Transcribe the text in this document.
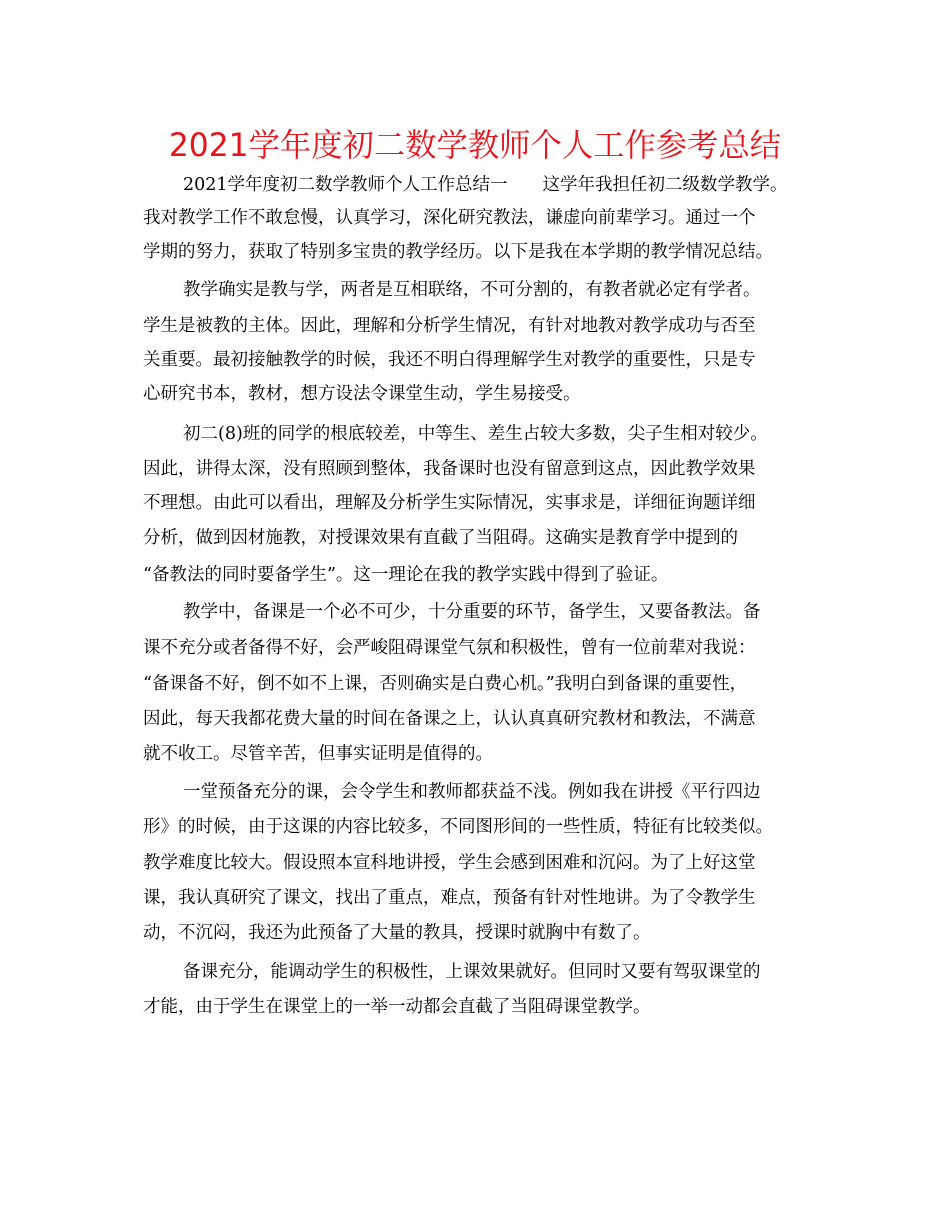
2021学年度初二数学教师个人工作参考总结
2021学年度初二数学教师个人工作总结一　　这学年我担任初二级数学教学。
我对教学工作不敢怠慢，认真学习，深化研究教法，谦虚向前辈学习。通过一个
学期的努力，获取了特别多宝贵的教学经历。以下是我在本学期的教学情况总结。
教学确实是教与学，两者是互相联络，不可分割的，有教者就必定有学者。
学生是被教的主体。因此，理解和分析学生情况，有针对地教对教学成功与否至
关重要。最初接触教学的时候，我还不明白得理解学生对教学的重要性，只是专
心研究书本，教材，想方设法令课堂生动，学生易接受。
初二(8)班的同学的根底较差，中等生、差生占较大多数，尖子生相对较少。
因此，讲得太深，没有照顾到整体，我备课时也没有留意到这点，因此教学效果
不理想。由此可以看出，理解及分析学生实际情况，实事求是，详细征询题详细
分析，做到因材施教，对授课效果有直截了当阻碍。这确实是教育学中提到的
“备教法的同时要备学生”。这一理论在我的教学实践中得到了验证。
教学中，备课是一个必不可少，十分重要的环节，备学生，又要备教法。备
课不充分或者备得不好，会严峻阻碍课堂气氛和积极性，曾有一位前辈对我说：
“备课备不好，倒不如不上课，否则确实是白费心机。”我明白到备课的重要性，
因此，每天我都花费大量的时间在备课之上，认认真真研究教材和教法，不满意
就不收工。尽管辛苦，但事实证明是值得的。
一堂预备充分的课，会令学生和教师都获益不浅。例如我在讲授《平行四边
形》的时候，由于这课的内容比较多，不同图形间的一些性质，特征有比较类似。
教学难度比较大。假设照本宣科地讲授，学生会感到困难和沉闷。为了上好这堂
课，我认真研究了课文，找出了重点，难点，预备有针对性地讲。为了令教学生
动，不沉闷，我还为此预备了大量的教具，授课时就胸中有数了。
备课充分，能调动学生的积极性，上课效果就好。但同时又要有驾驭课堂的
才能，由于学生在课堂上的一举一动都会直截了当阻碍课堂教学。
